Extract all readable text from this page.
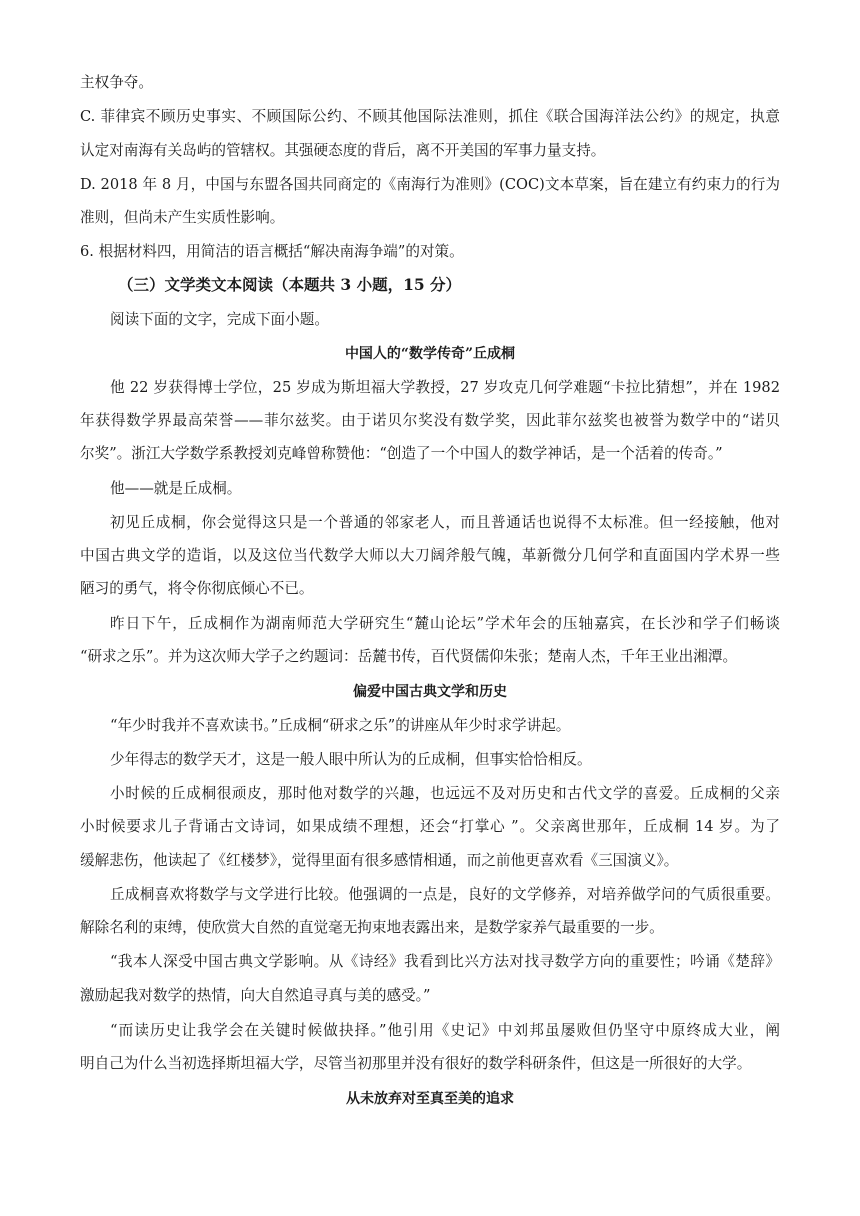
主权争夺。
C. 菲律宾不顾历史事实、不顾国际公约、不顾其他国际法准则，抓住《联合国海洋法公约》的规定，执意
认定对南海有关岛屿的管辖权。其强硬态度的背后，离不开美国的军事力量支持。
D. 2018 年 8 月，中国与东盟各国共同商定的《南海行为准则》(COC)文本草案，旨在建立有约束力的行为
准则，但尚未产生实质性影响。
6. 根据材料四，用简洁的语言概括“解决南海争端”的对策。
（三）文学类文本阅读（本题共 3 小题，15 分）
阅读下面的文字，完成下面小题。
中国人的“数学传奇”丘成桐
他 22 岁获得博士学位，25 岁成为斯坦福大学教授，27 岁攻克几何学难题“卡拉比猜想”，并在 1982
年获得数学界最高荣誉——菲尔兹奖。由于诺贝尔奖没有数学奖，因此菲尔兹奖也被誉为数学中的“诺贝
尔奖”。浙江大学数学系教授刘克峰曾称赞他：“创造了一个中国人的数学神话，是一个活着的传奇。”
他——就是丘成桐。
初见丘成桐，你会觉得这只是一个普通的邻家老人，而且普通话也说得不太标准。但一经接触，他对
中国古典文学的造诣，以及这位当代数学大师以大刀阔斧般气魄，革新微分几何学和直面国内学术界一些
陋习的勇气，将令你彻底倾心不已。
昨日下午，丘成桐作为湖南师范大学研究生“麓山论坛”学术年会的压轴嘉宾，在长沙和学子们畅谈
“研求之乐”。并为这次师大学子之约题词：岳麓书传，百代贤儒仰朱张；楚南人杰，千年王业出湘潭。
偏爱中国古典文学和历史
“年少时我并不喜欢读书。”丘成桐“研求之乐”的讲座从年少时求学讲起。
少年得志的数学天才，这是一般人眼中所认为的丘成桐，但事实恰恰相反。
小时候的丘成桐很顽皮，那时他对数学的兴趣，也远远不及对历史和古代文学的喜爱。丘成桐的父亲
小时候要求儿子背诵古文诗词，如果成绩不理想，还会“打掌心 ”。父亲离世那年，丘成桐 14 岁。为了
缓解悲伤，他读起了《红楼梦》，觉得里面有很多感情相通，而之前他更喜欢看《三国演义》。
丘成桐喜欢将数学与文学进行比较。他强调的一点是，良好的文学修养，对培养做学问的气质很重要。
解除名利的束缚，使欣赏大自然的直觉毫无拘束地表露出来，是数学家养气最重要的一步。
“我本人深受中国古典文学影响。从《诗经》我看到比兴方法对找寻数学方向的重要性；吟诵《楚辞》
激励起我对数学的热情，向大自然追寻真与美的感受。”
“而读历史让我学会在关键时候做抉择。”他引用《史记》中刘邦虽屡败但仍坚守中原终成大业，阐
明自己为什么当初选择斯坦福大学，尽管当初那里并没有很好的数学科研条件，但这是一所很好的大学。
从未放弃对至真至美的追求
